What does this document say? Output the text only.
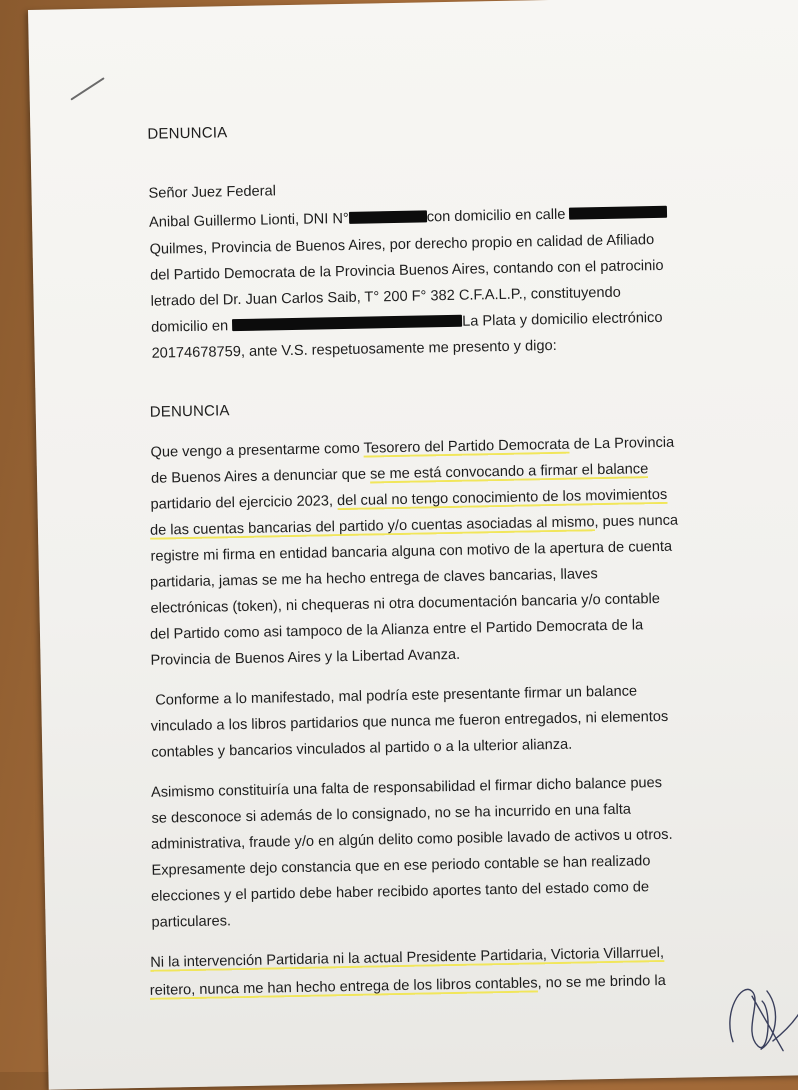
DENUNCIA
Señor Juez Federal
Anibal Guillermo Lionti, DNI N°	con domicilio en calle
Quilmes, Provincia de Buenos Aires, por derecho propio en calidad de Afiliado
del Partido Democrata de la Provincia Buenos Aires, contando con el patrocinio
letrado del Dr. Juan Carlos Saib, T° 200 F° 382 C.F.A.L.P., constituyendo
domicilio en	La Plata y domicilio electrónico
20174678759, ante V.S. respetuosamente me presento y digo:
DENUNCIA
Que vengo a presentarme como Tesorero del Partido Democrata de La Provincia
de Buenos Aires a denunciar que se me está convocando a firmar el balance
partidario del ejercicio 2023, del cual no tengo conocimiento de los movimientos
de las cuentas bancarias del partido y/o cuentas asociadas al mismo, pues nunca
registre mi firma en entidad bancaria alguna con motivo de la apertura de cuenta
partidaria, jamas se me ha hecho entrega de claves bancarias, llaves
electrónicas (token), ni chequeras ni otra documentación bancaria y/o contable
del Partido como asi tampoco de la Alianza entre el Partido Democrata de la
Provincia de Buenos Aires y la Libertad Avanza.
Conforme a lo manifestado, mal podría este presentante firmar un balance
vinculado a los libros partidarios que nunca me fueron entregados, ni elementos
contables y bancarios vinculados al partido o a la ulterior alianza.
Asimismo constituiría una falta de responsabilidad el firmar dicho balance pues
se desconoce si además de lo consignado, no se ha incurrido en una falta
administrativa, fraude y/o en algún delito como posible lavado de activos u otros.
Expresamente dejo constancia que en ese periodo contable se han realizado
elecciones y el partido debe haber recibido aportes tanto del estado como de
particulares.
Ni la intervención Partidaria ni la actual Presidente Partidaria, Victoria Villarruel,
reitero, nunca me han hecho entrega de los libros contables, no se me brindo la
